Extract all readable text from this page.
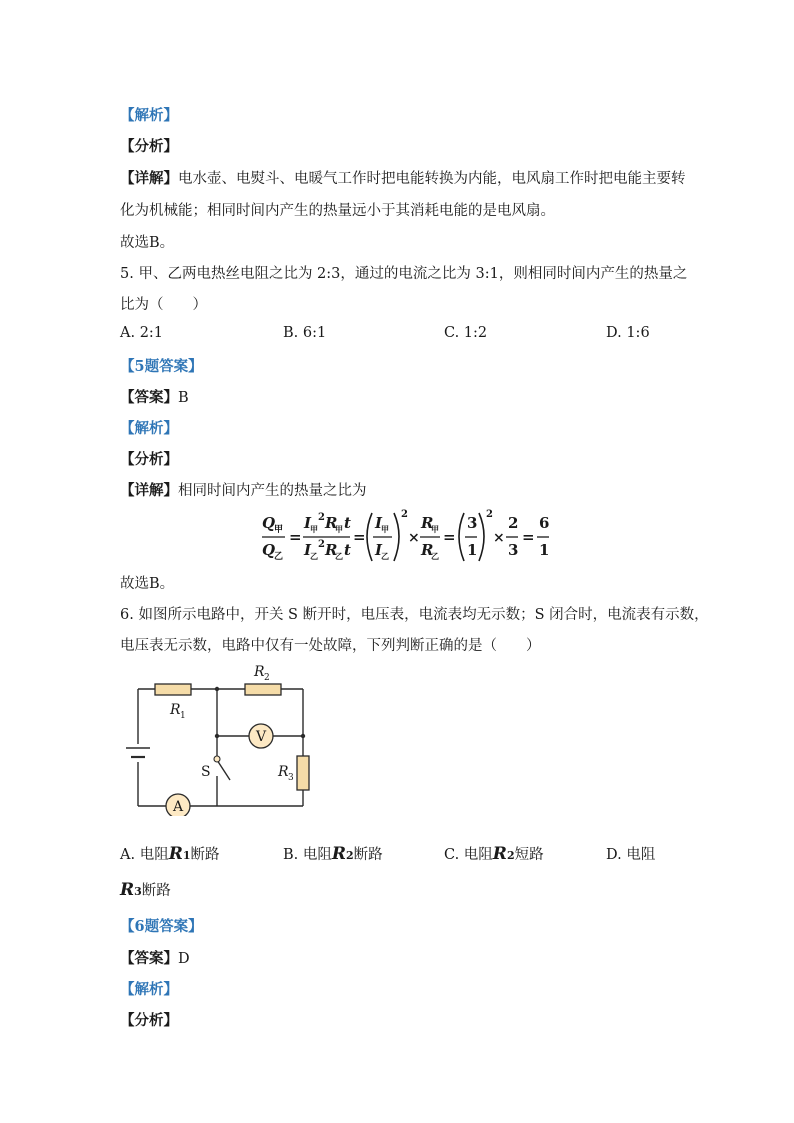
【解析】
【分析】
【详解】电水壶、电熨斗、电暖气工作时把电能转换为内能，电风扇工作时把电能主要转
化为机械能；相同时间内产生的热量远小于其消耗电能的是电风扇。
故选B。
5. 甲、乙两电热丝电阻之比为 2:3，通过的电流之比为 3:1，则相同时间内产生的热量之
比为（　　）
A. 2:1	B. 6:1	C. 1:2	D. 1:6
【5题答案】
【答案】B
【解析】
【分析】
【详解】相同时间内产生的热量之比为
Q
甲
Q
乙
=
I
甲
2 R
甲 t
I
乙
2 R
乙 t
=
I
甲
I
乙
2
×
R
甲
R
乙
=
3
1
2
×
2
3
=
6
1
故选B。
6. 如图所示电路中，开关 S 断开时，电压表，电流表均无示数；S 闭合时，电流表有示数，
电压表无示数，电路中仅有一处故障，下列判断正确的是（　　）
V
A
R 1
R 2
R 3
S
A. 电阻R1断路	B. 电阻R2断路	C. 电阻R2短路	D. 电阻
R3断路
【6题答案】
【答案】D
【解析】
【分析】
